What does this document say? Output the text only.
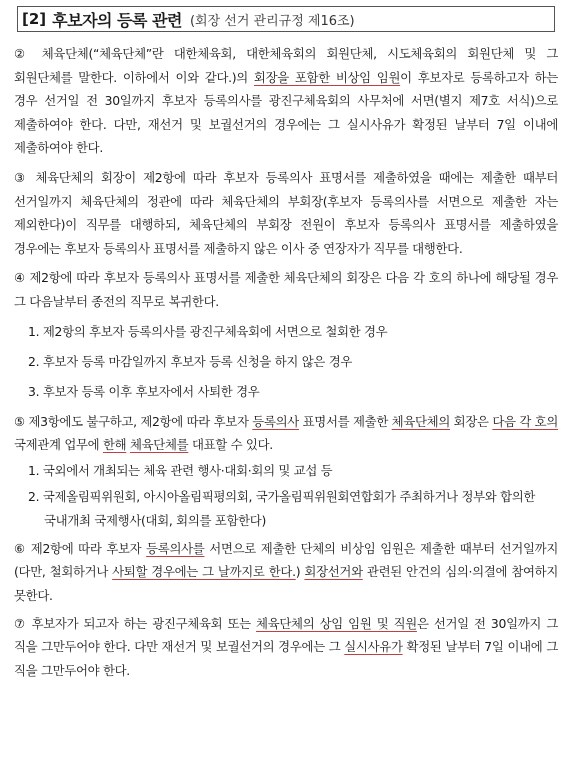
[2] 후보자의 등록 관련 (회장 선거 관리규정 제16조)

② 체육단체(“체육단체”란 대한체육회, 대한체육회의 회원단체, 시도체육회의 회원단체 및 그 회원단체를 말한다. 이하에서 이와 같다.)의 회장을 포함한 비상임 임원이 후보자로 등록하고자 하는 경우 선거일 전 30일까지 후보자 등록의사를 광진구체육회의 사무처에 서면(별지 제7호 서식)으로 제출하여야 한다. 다만, 재선거 및 보궐선거의 경우에는 그 실시사유가 확정된 날부터 7일 이내에 제출하여야 한다.

③ 체육단체의 회장이 제2항에 따라 후보자 등록의사 표명서를 제출하였을 때에는 제출한 때부터 선거일까지 체육단체의 정관에 따라 체육단체의 부회장(후보자 등록의사를 서면으로 제출한 자는 제외한다)이 직무를 대행하되, 체육단체의 부회장 전원이 후보자 등록의사 표명서를 제출하였을 경우에는 후보자 등록의사 표명서를 제출하지 않은 이사 중 연장자가 직무를 대행한다.

④ 제2항에 따라 후보자 등록의사 표명서를 제출한 체육단체의 회장은 다음 각 호의 하나에 해당될 경우 그 다음날부터 종전의 직무로 복귀한다.

1. 제2항의 후보자 등록의사를 광진구체육회에 서면으로 철회한 경우
2. 후보자 등록 마감일까지 후보자 등록 신청을 하지 않은 경우
3. 후보자 등록 이후 후보자에서 사퇴한 경우

⑤ 제3항에도 불구하고, 제2항에 따라 후보자 등록의사 표명서를 제출한 체육단체의 회장은 다음 각 호의 국제관계 업무에 한해 체육단체를 대표할 수 있다.

1. 국외에서 개최되는 체육 관련 행사·대회·회의 및 교섭 등
2. 국제올림픽위원회, 아시아올림픽평의회, 국가올림픽위원회연합회가 주최하거나 정부와 합의한 국내개최 국제행사(대회, 회의를 포함한다)

⑥ 제2항에 따라 후보자 등록의사를 서면으로 제출한 단체의 비상임 임원은 제출한 때부터 선거일까지(다만, 철회하거나 사퇴할 경우에는 그 날까지로 한다.) 회장선거와 관련된 안건의 심의·의결에 참여하지 못한다.

⑦ 후보자가 되고자 하는 광진구체육회 또는 체육단체의 상임 임원 및 직원은 선거일 전 30일까지 그 직을 그만두어야 한다. 다만 재선거 및 보궐선거의 경우에는 그 실시사유가 확정된 날부터 7일 이내에 그 직을 그만두어야 한다.
